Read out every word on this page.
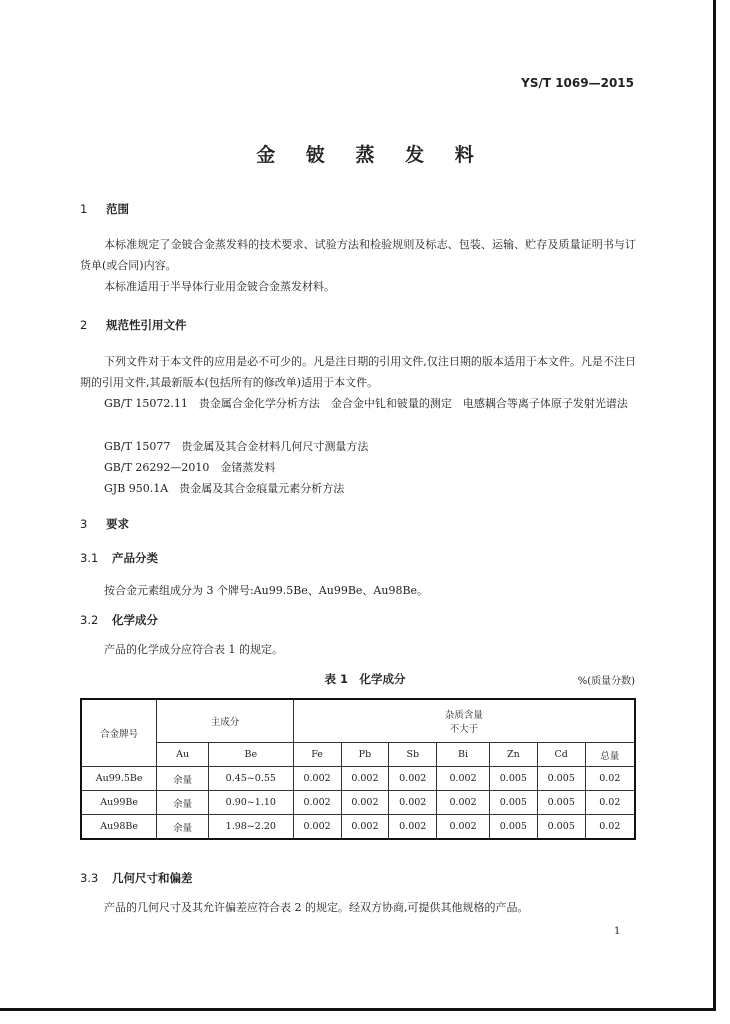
YS/T 1069—2015
金 铍 蒸 发 料
1 范围
本标准规定了金铍合金蒸发料的技术要求、试验方法和检验规则及标志、包装、运输、贮存及质量证明书与订货单(或合同)内容。
本标准适用于半导体行业用金铍合金蒸发材料。
2 规范性引用文件
下列文件对于本文件的应用是必不可少的。凡是注日期的引用文件,仅注日期的版本适用于本文件。凡是不注日期的引用文件,其最新版本(包括所有的修改单)适用于本文件。
GB/T 15072.11　贵金属合金化学分析方法　金合金中钆和铍量的测定　电感耦合等离子体原子发射光谱法
GB/T 15077　贵金属及其合金材料几何尺寸测量方法
GB/T 26292—2010　金锗蒸发料
GJB 950.1A　贵金属及其合金痕量元素分析方法
3 要求
3.1 产品分类
按合金元素组成分为 3 个牌号:Au99.5Be、Au99Be、Au98Be。
3.2 化学成分
产品的化学成分应符合表 1 的规定。
表 1　化学成分	%(质量分数)
合金牌号	主成分		杂质含量
不大于						

	Au	Be	Fe	Pb	Sb	Bi	Zn	Cd	总量
Au99.5Be	余量	0.45~0.55	0.002	0.002	0.002	0.002	0.005	0.005	0.02
Au99Be	余量	0.90~1.10	0.002	0.002	0.002	0.002	0.005	0.005	0.02
Au98Be	余量	1.98~2.20	0.002	0.002	0.002	0.002	0.005	0.005	0.02
3.3 几何尺寸和偏差
产品的几何尺寸及其允许偏差应符合表 2 的规定。经双方协商,可提供其他规格的产品。
1
